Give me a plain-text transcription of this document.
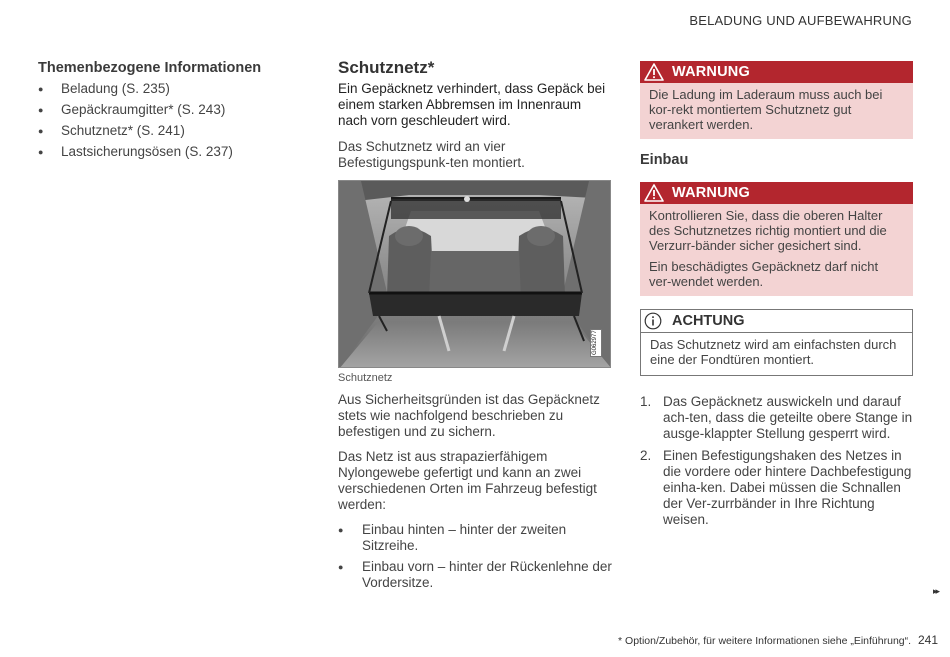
BELADUNG UND AUFBEWAHRUNG
Themenbezogene Informationen
● Beladung (S. 235)
● Gepäckraumgitter* (S. 243)
● Schutznetz* (S. 241)
● Lastsicherungsösen (S. 237)
Schutznetz*

Ein Gepäcknetz verhindert, dass Gepäck bei einem starken Abbremsen im Innenraum nach vorn geschleudert wird.

Das Schutznetz wird an vier Befestigungspunk-ten montiert.

G062977
Schutznetz

Aus Sicherheitsgründen ist das Gepäcknetz stets wie nachfolgend beschrieben zu befestigen und zu sichern.

Das Netz ist aus strapazierfähigem Nylongewebe gefertigt und kann an zwei verschiedenen Orten im Fahrzeug befestigt werden:

● Einbau hinten – hinter der zweiten Sitzreihe.
● Einbau vorn – hinter der Rückenlehne der Vordersitze.
WARNUNG

Die Ladung im Laderaum muss auch bei kor-rekt montiertem Schutznetz gut verankert werden.

Einbau
WARNUNG

Kontrollieren Sie, dass die oberen Halter des Schutznetzes richtig montiert und die Verzurr-bänder sicher gesichert sind.

Ein beschädigtes Gepäcknetz darf nicht ver-wendet werden.

ACHTUNG
Das Schutznetz wird am einfachsten durch eine der Fondtüren montiert.
1. Das Gepäcknetz auswickeln und darauf ach-ten, dass die geteilte obere Stange in ausge-klappter Stellung gesperrt wird.
2. Einen Befestigungshaken des Netzes in die vordere oder hintere Dachbefestigung einha-ken. Dabei müssen die Schnallen der Ver-zurrbänder in Ihre Richtung weisen.
▸▸
* Option/Zubehör, für weitere Informationen siehe „Einführung“. 241
